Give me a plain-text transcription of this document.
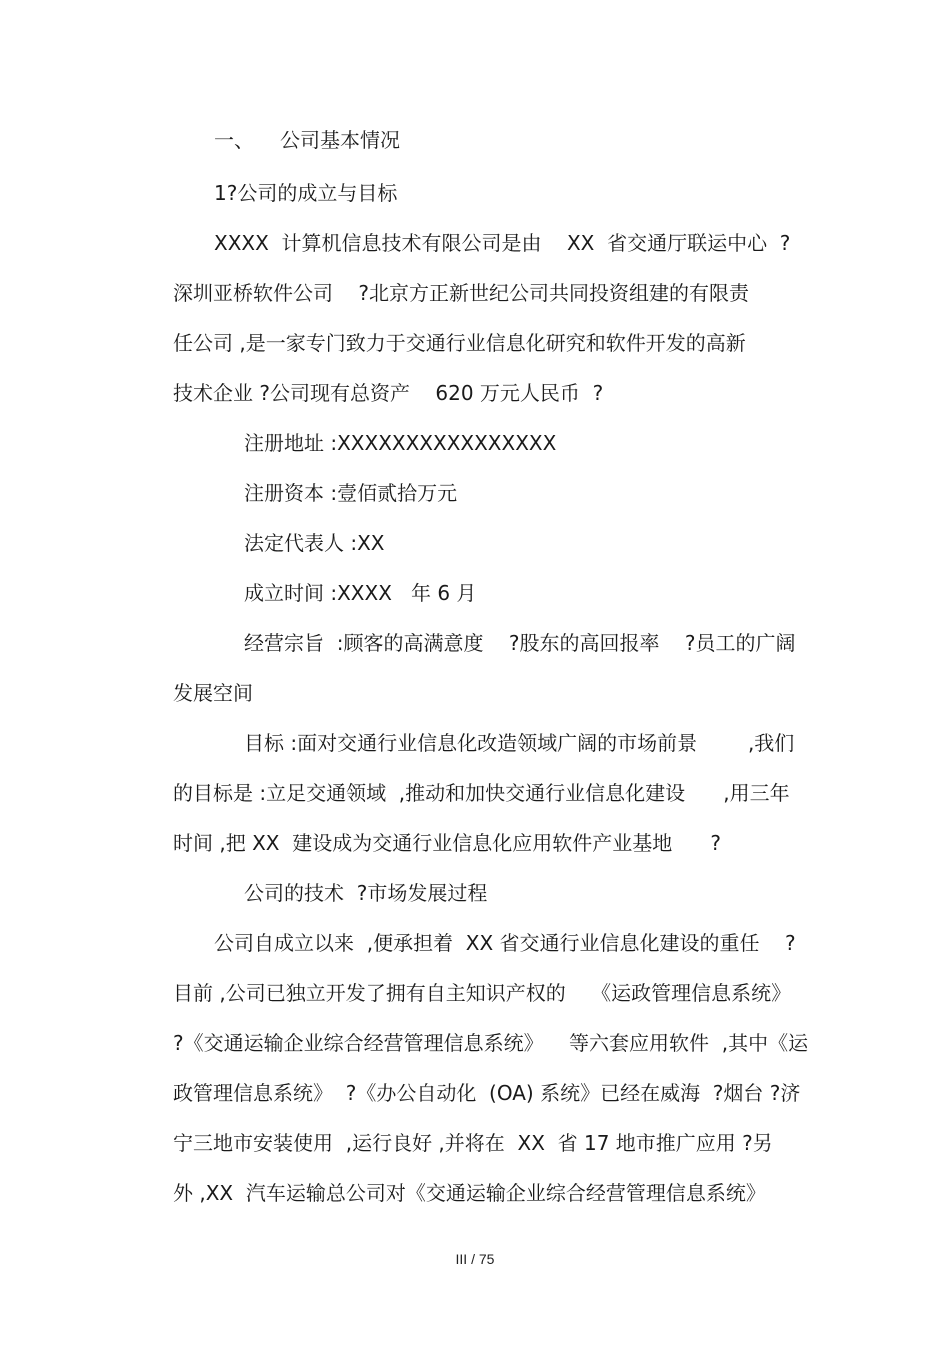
一、 公司基本情况
1?公司的成立与目标
XXXX  计算机信息技术有限公司是由    XX  省交通厅联运中心  ?
深圳亚桥软件公司    ?北京方正新世纪公司共同投资组建的有限责
任公司 ,是一家专门致力于交通行业信息化研究和软件开发的高新
技术企业 ?公司现有总资产    620 万元人民币  ?
注册地址 :XXXXXXXXXXXXXXXX
注册资本 :壹佰贰拾万元
法定代表人 :XX
成立时间 :XXXX   年 6 月
经营宗旨  :顾客的高满意度    ?股东的高回报率    ?员工的广阔
发展空间
目标 :面对交通行业信息化改造领域广阔的市场前景        ,我们
的目标是 :立足交通领域  ,推动和加快交通行业信息化建设      ,用三年
时间 ,把 XX  建设成为交通行业信息化应用软件产业基地      ?
公司的技术  ?市场发展过程
公司自成立以来  ,便承担着  XX 省交通行业信息化建设的重任    ?
目前 ,公司已独立开发了拥有自主知识产权的    《运政管理信息系统》
?《交通运输企业综合经营管理信息系统》    等六套应用软件  ,其中《运
政管理信息系统》  ?《办公自动化  (OA) 系统》已经在威海  ?烟台 ?济
宁三地市安装使用  ,运行良好 ,并将在  XX  省 17 地市推广应用 ?另
外 ,XX  汽车运输总公司对《交通运输企业综合经营管理信息系统》
III / 75
